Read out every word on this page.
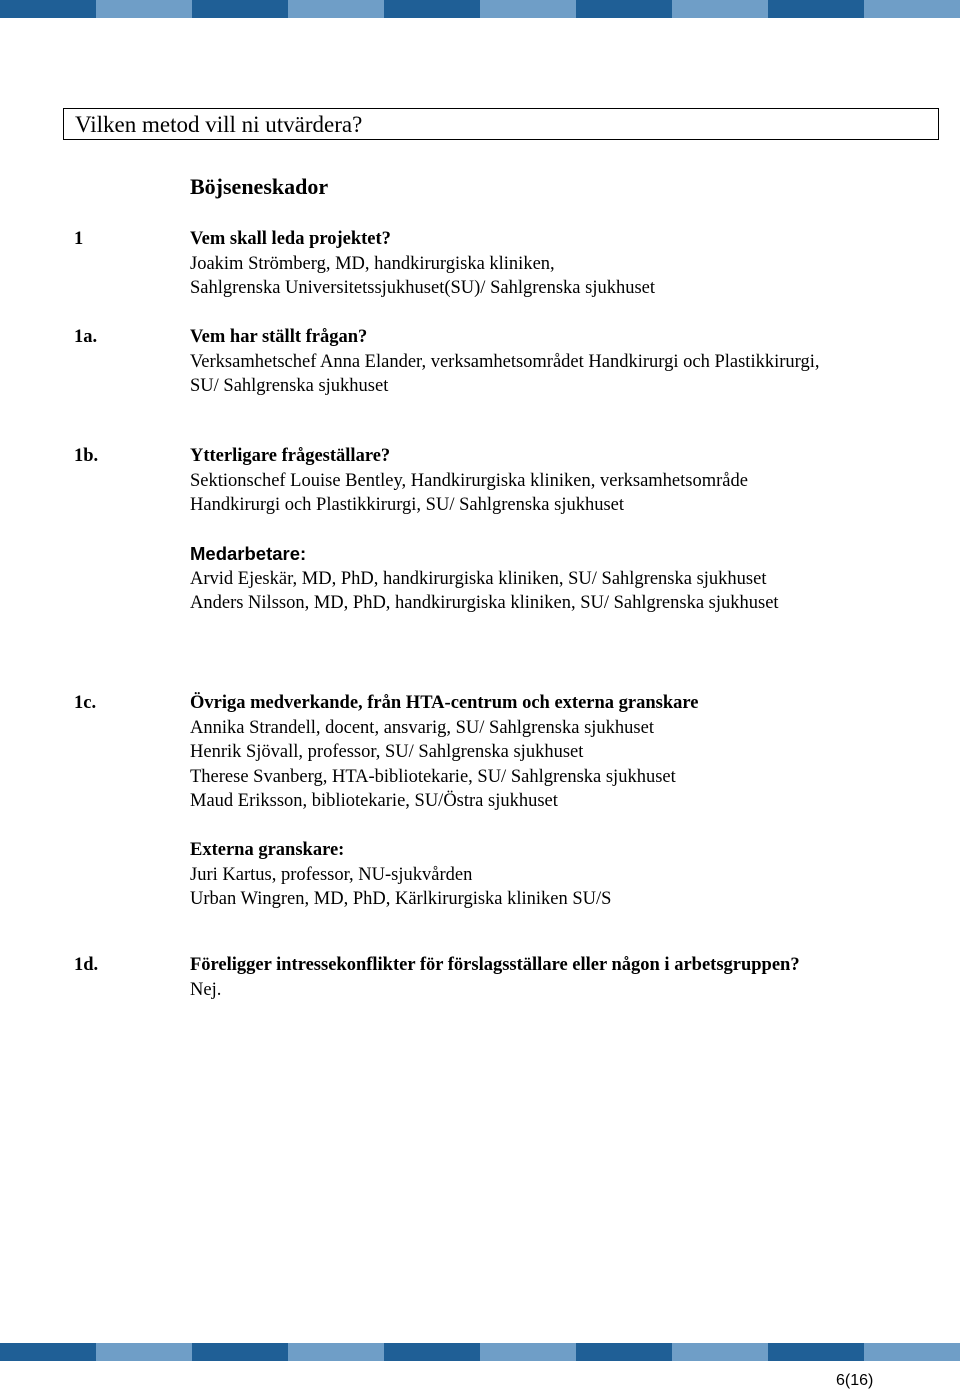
Vilken metod vill ni utvärdera?
Böjseneskador
1	Vem skall leda projektet?
Joakim Strömberg, MD, handkirurgiska kliniken,
Sahlgrenska Universitetssjukhuset(SU)/ Sahlgrenska sjukhuset
1a.	Vem har ställt frågan?
Verksamhetschef Anna Elander, verksamhetsområdet Handkirurgi och Plastikkirurgi,
SU/ Sahlgrenska sjukhuset
1b.	Ytterligare frågeställare?
Sektionschef Louise Bentley, Handkirurgiska kliniken, verksamhetsområde
Handkirurgi och Plastikkirurgi, SU/ Sahlgrenska sjukhuset
Medarbetare:
Arvid Ejeskär, MD, PhD, handkirurgiska kliniken, SU/ Sahlgrenska sjukhuset
Anders Nilsson, MD, PhD, handkirurgiska kliniken, SU/ Sahlgrenska sjukhuset
1c.	Övriga medverkande, från HTA-centrum och externa granskare
Annika Strandell, docent, ansvarig, SU/ Sahlgrenska sjukhuset
Henrik Sjövall, professor, SU/ Sahlgrenska sjukhuset
Therese Svanberg, HTA-bibliotekarie, SU/ Sahlgrenska sjukhuset
Maud Eriksson, bibliotekarie, SU/Östra sjukhuset
Externa granskare:
Juri Kartus, professor, NU-sjukvården
Urban Wingren, MD, PhD, Kärlkirurgiska kliniken SU/S
1d.	Föreligger intressekonflikter för förslagsställare eller någon i arbetsgruppen?
Nej.
6(16)
